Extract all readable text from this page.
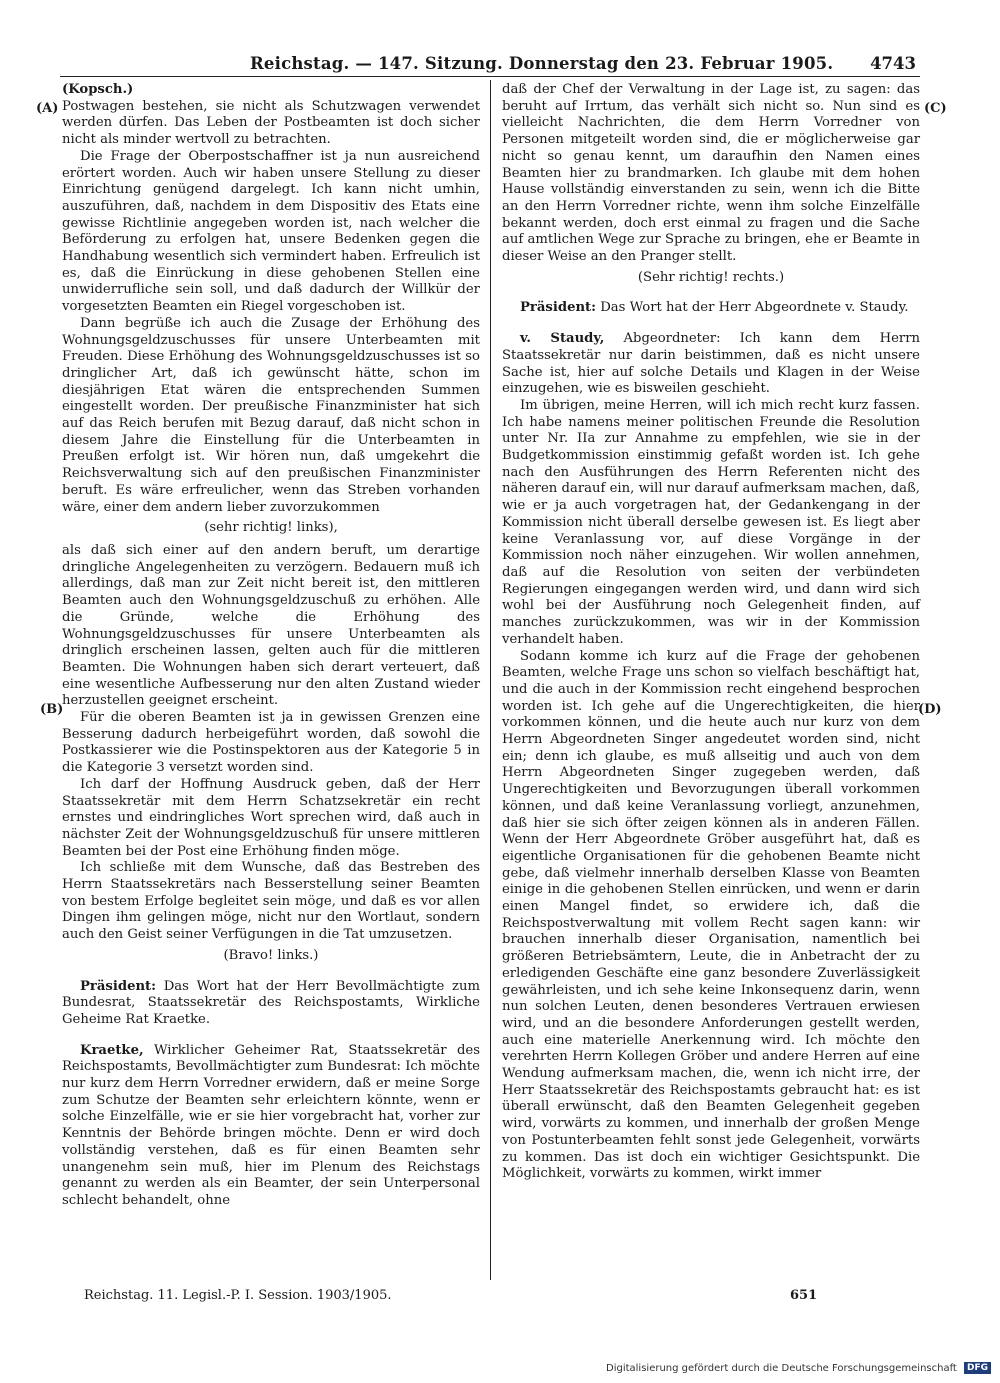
Reichstag. — 147. Sitzung. Donnerstag den 23. Februar 1905. 4743
(A)
(B)
(C)
(D)

(Kopsch.)

Postwagen bestehen, sie nicht als Schutzwagen verwendet werden dürfen. Das Leben der Postbeamten ist doch sicher nicht als minder wertvoll zu betrachten.

Die Frage der Oberpostschaffner ist ja nun ausreichend erörtert worden. Auch wir haben unsere Stellung zu dieser Einrichtung genügend dargelegt. Ich kann nicht umhin, auszuführen, daß, nachdem in dem Dispositiv des Etats eine gewisse Richtlinie angegeben worden ist, nach welcher die Beförderung zu erfolgen hat, unsere Bedenken gegen die Handhabung wesentlich sich vermindert haben. Erfreulich ist es, daß die Einrückung in diese gehobenen Stellen eine unwiderrufliche sein soll, und daß dadurch der Willkür der vorgesetzten Beamten ein Riegel vorgeschoben ist.

Dann begrüße ich auch die Zusage der Erhöhung des Wohnungsgeldzuschusses für unsere Unterbeamten mit Freuden. Diese Erhöhung des Wohnungsgeldzuschusses ist so dringlicher Art, daß ich gewünscht hätte, schon im diesjährigen Etat wären die entsprechenden Summen eingestellt worden. Der preußische Finanzminister hat sich auf das Reich berufen mit Bezug darauf, daß nicht schon in diesem Jahre die Einstellung für die Unterbeamten in Preußen erfolgt ist. Wir hören nun, daß umgekehrt die Reichsverwaltung sich auf den preußischen Finanzminister beruft. Es wäre erfreulicher, wenn das Streben vorhanden wäre, einer dem andern lieber zuvorzukommen

(sehr richtig! links),

als daß sich einer auf den andern beruft, um derartige dringliche Angelegenheiten zu verzögern. Bedauern muß ich allerdings, daß man zur Zeit nicht bereit ist, den mittleren Beamten auch den Wohnungsgeldzuschuß zu erhöhen. Alle die Gründe, welche die Erhöhung des Wohnungsgeldzuschusses für unsere Unterbeamten als dringlich erscheinen lassen, gelten auch für die mittleren Beamten. Die Wohnungen haben sich derart verteuert, daß eine wesentliche Aufbesserung nur den alten Zustand wieder herzustellen geeignet erscheint.

Für die oberen Beamten ist ja in gewissen Grenzen eine Besserung dadurch herbeigeführt worden, daß sowohl die Postkassierer wie die Postinspektoren aus der Kategorie 5 in die Kategorie 3 versetzt worden sind.

Ich darf der Hoffnung Ausdruck geben, daß der Herr Staatssekretär mit dem Herrn Schatzsekretär ein recht ernstes und eindringliches Wort sprechen wird, daß auch in nächster Zeit der Wohnungsgeldzuschuß für unsere mittleren Beamten bei der Post eine Erhöhung finden möge.

Ich schließe mit dem Wunsche, daß das Bestreben des Herrn Staatssekretärs nach Besserstellung seiner Beamten von bestem Erfolge begleitet sein möge, und daß es vor allen Dingen ihm gelingen möge, nicht nur den Wortlaut, sondern auch den Geist seiner Verfügungen in die Tat umzusetzen.

(Bravo! links.)

Präsident: Das Wort hat der Herr Bevollmächtigte zum Bundesrat, Staatssekretär des Reichspostamts, Wirkliche Geheime Rat Kraetke.

Kraetke, Wirklicher Geheimer Rat, Staatssekretär des Reichspostamts, Bevollmächtigter zum Bundesrat: Ich möchte nur kurz dem Herrn Vorredner erwidern, daß er meine Sorge zum Schutze der Beamten sehr erleichtern könnte, wenn er solche Einzelfälle, wie er sie hier vorgebracht hat, vorher zur Kenntnis der Behörde bringen möchte. Denn er wird doch vollständig verstehen, daß es für einen Beamten sehr unangenehm sein muß, hier im Plenum des Reichstags genannt zu werden als ein Beamter, der sein Unterpersonal schlecht behandelt, ohne

daß der Chef der Verwaltung in der Lage ist, zu sagen: das beruht auf Irrtum, das verhält sich nicht so. Nun sind es vielleicht Nachrichten, die dem Herrn Vorredner von Personen mitgeteilt worden sind, die er möglicherweise gar nicht so genau kennt, um daraufhin den Namen eines Beamten hier zu brandmarken. Ich glaube mit dem hohen Hause vollständig einverstanden zu sein, wenn ich die Bitte an den Herrn Vorredner richte, wenn ihm solche Einzelfälle bekannt werden, doch erst einmal zu fragen und die Sache auf amtlichen Wege zur Sprache zu bringen, ehe er Beamte in dieser Weise an den Pranger stellt.

(Sehr richtig! rechts.)

Präsident: Das Wort hat der Herr Abgeordnete v. Staudy.

v. Staudy, Abgeordneter: Ich kann dem Herrn Staatssekretär nur darin beistimmen, daß es nicht unsere Sache ist, hier auf solche Details und Klagen in der Weise einzugehen, wie es bisweilen geschieht.

Im übrigen, meine Herren, will ich mich recht kurz fassen. Ich habe namens meiner politischen Freunde die Resolution unter Nr. IIa zur Annahme zu empfehlen, wie sie in der Budgetkommission einstimmig gefaßt worden ist. Ich gehe nach den Ausführungen des Herrn Referenten nicht des näheren darauf ein, will nur darauf aufmerksam machen, daß, wie er ja auch vorgetragen hat, der Gedankengang in der Kommission nicht überall derselbe gewesen ist. Es liegt aber keine Veranlassung vor, auf diese Vorgänge in der Kommission noch näher einzugehen. Wir wollen annehmen, daß auf die Resolution von seiten der verbündeten Regierungen eingegangen werden wird, und dann wird sich wohl bei der Ausführung noch Gelegenheit finden, auf manches zurückzukommen, was wir in der Kommission verhandelt haben.

Sodann komme ich kurz auf die Frage der gehobenen Beamten, welche Frage uns schon so vielfach beschäftigt hat, und die auch in der Kommission recht eingehend besprochen worden ist. Ich gehe auf die Ungerechtigkeiten, die hier vorkommen können, und die heute auch nur kurz von dem Herrn Abgeordneten Singer angedeutet worden sind, nicht ein; denn ich glaube, es muß allseitig und auch von dem Herrn Abgeordneten Singer zugegeben werden, daß Ungerechtigkeiten und Bevorzugungen überall vorkommen können, und daß keine Veranlassung vorliegt, anzunehmen, daß hier sie sich öfter zeigen können als in anderen Fällen. Wenn der Herr Abgeordnete Gröber ausgeführt hat, daß es eigentliche Organisationen für die gehobenen Beamte nicht gebe, daß vielmehr innerhalb derselben Klasse von Beamten einige in die gehobenen Stellen einrücken, und wenn er darin einen Mangel findet, so erwidere ich, daß die Reichspostverwaltung mit vollem Recht sagen kann: wir brauchen innerhalb dieser Organisation, namentlich bei größeren Betriebsämtern, Leute, die in Anbetracht der zu erledigenden Geschäfte eine ganz besondere Zuverlässigkeit gewährleisten, und ich sehe keine Inkonsequenz darin, wenn nun solchen Leuten, denen besonderes Vertrauen erwiesen wird, und an die besondere Anforderungen gestellt werden, auch eine materielle Anerkennung wird. Ich möchte den verehrten Herrn Kollegen Gröber und andere Herren auf eine Wendung aufmerksam machen, die, wenn ich nicht irre, der Herr Staatssekretär des Reichspostamts gebraucht hat: es ist überall erwünscht, daß den Beamten Gelegenheit gegeben wird, vorwärts zu kommen, und innerhalb der großen Menge von Postunterbeamten fehlt sonst jede Gelegenheit, vorwärts zu kommen. Das ist doch ein wichtiger Gesichtspunkt. Die Möglichkeit, vorwärts zu kommen, wirkt immer

Reichstag. 11. Legisl.-P. I. Session. 1903/1905.	651
Digitalisierung gefördert durch die Deutsche Forschungsgemeinschaft DFG
